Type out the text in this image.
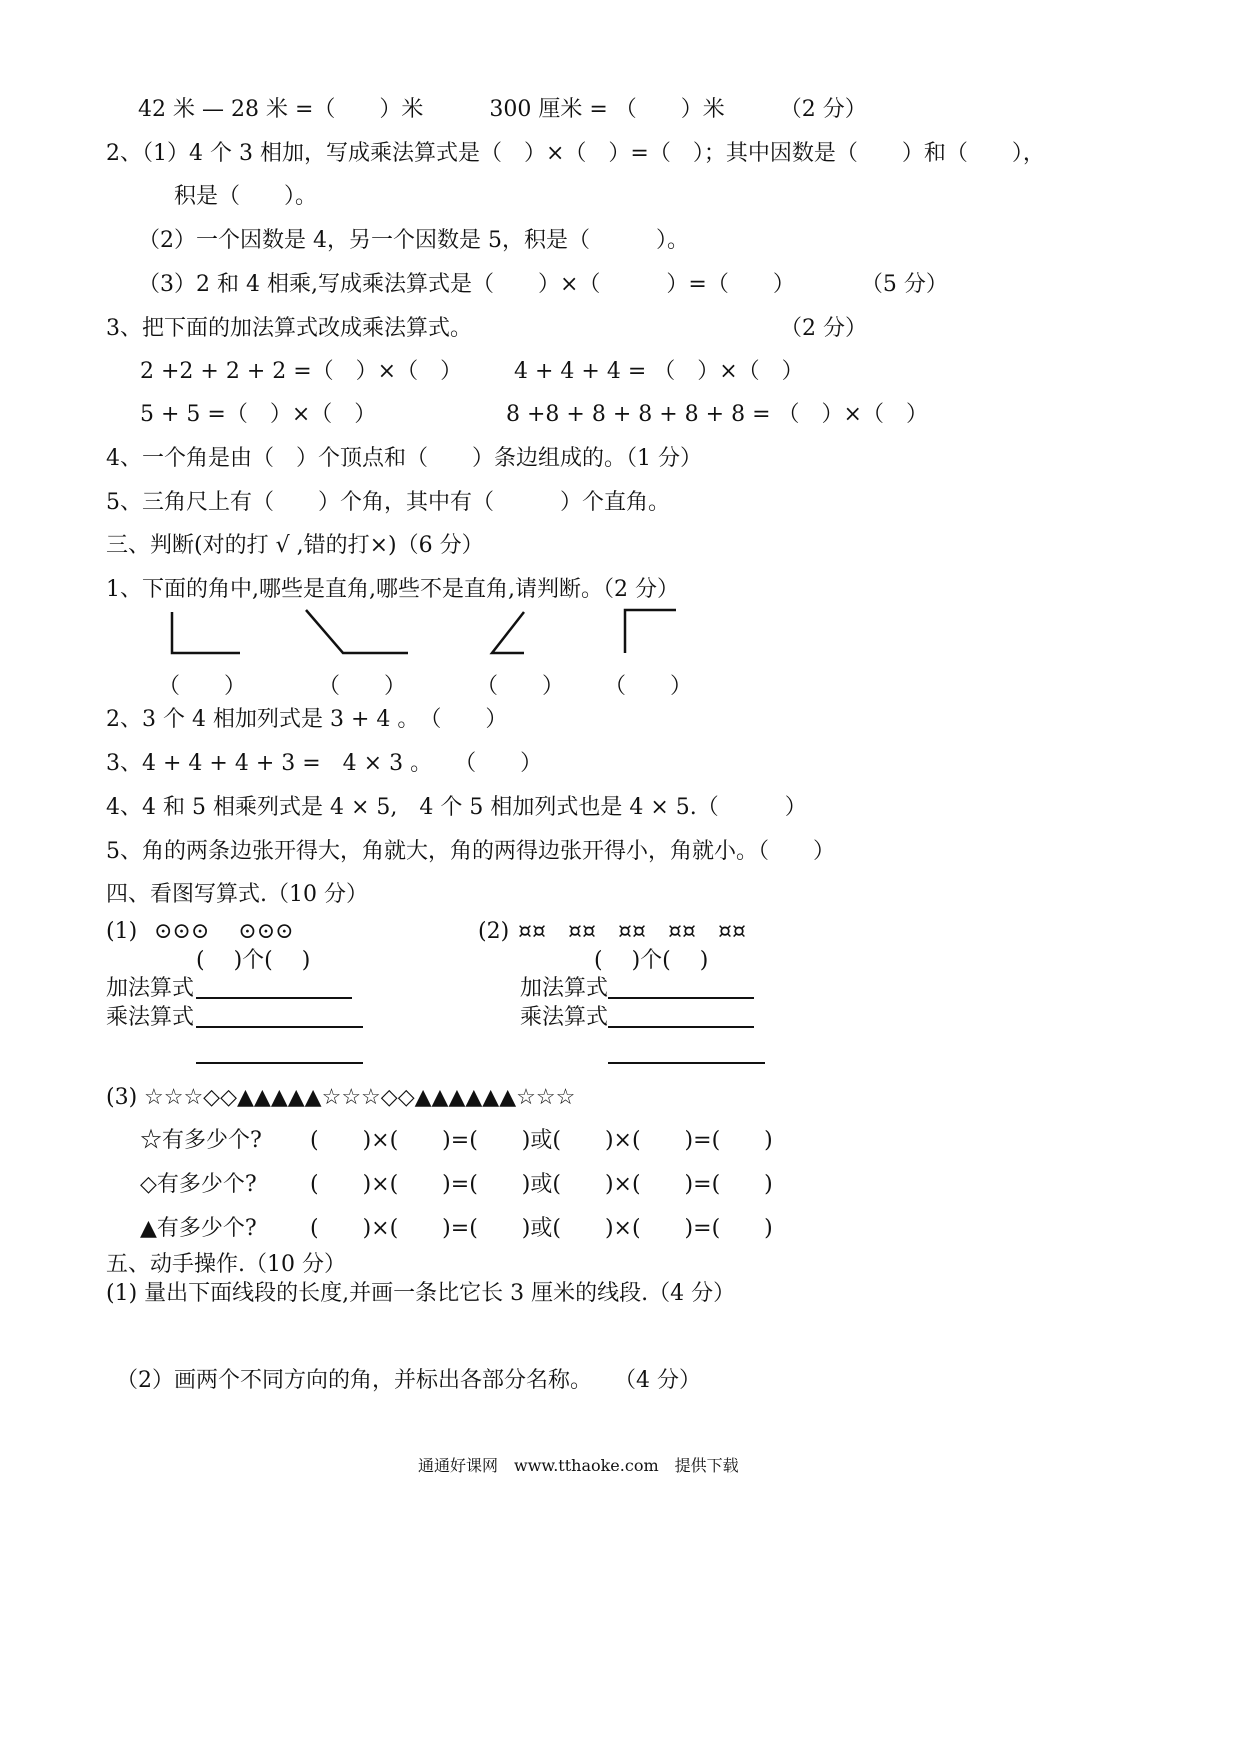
42 米 — 28 米 =（　　）米　　　300 厘米 = （　　）米　　　（2 分）
2、（1）4 个 3 相加，写成乘法算式是（　）×（　）=（　）；其中因数是（　　）和（　　），
积是（　　）。
（2）一个因数是 4，另一个因数是 5，积是（　　　）。
（3）2 和 4 相乘,写成乘法算式是（　　）×（　　　）=（　　）　　　　（5 分）
3、把下面的加法算式改成乘法算式。　　　　　　　　　　　　　　　（2 分）
2 +2 + 2 + 2 =（　）×（　） 4 + 4 + 4 = （　）×（　）
5 + 5 =（　）×（　）	8 +8 + 8 + 8 + 8 + 8 = （　）×（　）
4、一个角是由（　）个顶点和（　　）条边组成的。（1 分）
5、三角尺上有（　　）个角，其中有（　　　）个直角。
三、判断(对的打 √ ,错的打×)（6 分）
1、下面的角中,哪些是直角,哪些不是直角,请判断。（2 分）
（　　）	（　　）	（　　） （　　）
2、3 个 4 相加列式是 3 + 4 。　（　　）
3、4 + 4 + 4 + 3 =　4 × 3 。　　（　　）
4、4 和 5 相乘列式是 4 × 5,　4 个 5 相加列式也是 4 × 5.（　　　）
5、角的两条边张开得大，角就大，角的两得边张开得小，角就小。（　　）
四、看图写算式.（10 分）
(1) ⊙⊙⊙　 ⊙⊙⊙
(　 )个(　 )
加法算式
乘法算式
(2) ¤¤　¤¤　¤¤　¤¤　¤¤
(　 )个(　 )
加法算式
乘法算式
(3) ☆☆☆◇◇▲▲▲▲▲☆☆☆◇◇▲▲▲▲▲▲☆☆☆
☆有多少个? (　　)×(　　)=(　　)或(　　)×(　　)=(　　)
◇有多少个? (　　)×(　　)=(　　)或(　　)×(　　)=(　　)
▲有多少个? (　　)×(　　)=(　　)或(　　)×(　　)=(　　)
五、动手操作.（10 分）
(1) 量出下面线段的长度,并画一条比它长 3 厘米的线段.（4 分）
（2）画两个不同方向的角，并标出各部分名称。　　（4 分）
通通好课网　www.tthaoke.com　提供下载
